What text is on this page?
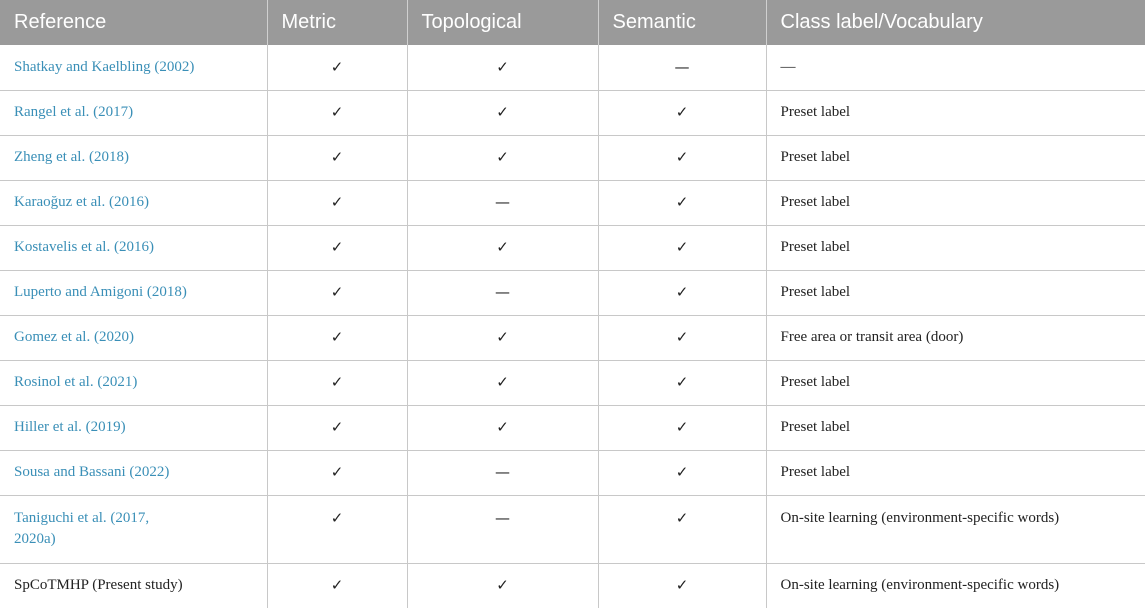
Reference	Metric	Topological	Semantic	Class label/Vocabulary
Shatkay and Kaelbling (2002)	✓	✓	—	—
Rangel et al. (2017)	✓	✓	✓	Preset label
Zheng et al. (2018)	✓	✓	✓	Preset label
Karaoğuz et al. (2016)	✓	—	✓	Preset label
Kostavelis et al. (2016)	✓	✓	✓	Preset label
Luperto and Amigoni (2018)	✓	—	✓	Preset label
Gomez et al. (2020)	✓	✓	✓	Free area or transit area (door)
Rosinol et al. (2021)	✓	✓	✓	Preset label
Hiller et al. (2019)	✓	✓	✓	Preset label
Sousa and Bassani (2022)	✓	—	✓	Preset label
Taniguchi et al. (2017, 2020a)	✓	—	✓	On-site learning (environment-specific words)
SpCoTMHP (Present study)	✓	✓	✓	On-site learning (environment-specific words)
